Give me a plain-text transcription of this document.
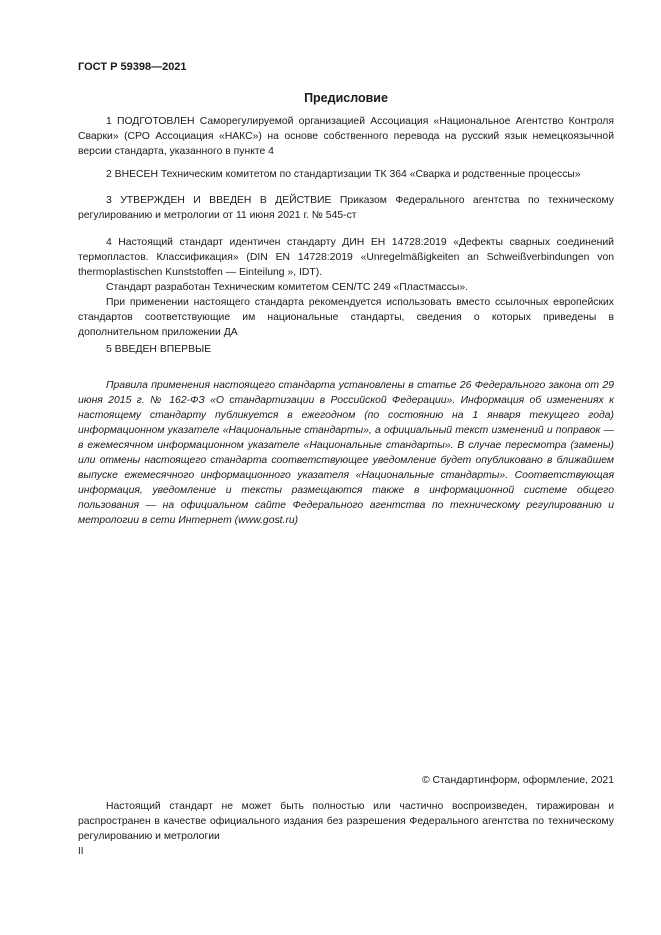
ГОСТ Р 59398—2021
Предисловие

1 ПОДГОТОВЛЕН Саморегулируемой организацией Ассоциация «Национальное Агентство Контроля Сварки» (СРО Ассоциация «НАКС») на основе собственного перевода на русский язык немецкоязычной версии стандарта, указанного в пункте 4

2 ВНЕСЕН Техническим комитетом по стандартизации ТК 364 «Сварка и родственные процессы»

3 УТВЕРЖДЕН И ВВЕДЕН В ДЕЙСТВИЕ Приказом Федерального агентства по техническому регулированию и метрологии от 11 июня 2021 г. № 545-ст

4 Настоящий стандарт идентичен стандарту ДИН ЕН 14728:2019 «Дефекты сварных соединений термопластов. Классификация» (DIN EN 14728:2019 «Unregelmäßigkeiten an Schweißverbindungen von thermoplastischen Kunststoffen — Einteilung », IDT).

Стандарт разработан Техническим комитетом CEN/TC 249 «Пластмассы».

При применении настоящего стандарта рекомендуется использовать вместо ссылочных европейских стандартов соответствующие им национальные стандарты, сведения о которых приведены в дополнительном приложении ДА

5 ВВЕДЕН ВПЕРВЫЕ

Правила применения настоящего стандарта установлены в статье 26 Федерального закона от 29 июня 2015 г. № 162-ФЗ «О стандартизации в Российской Федерации». Информация об изменениях к настоящему стандарту публикуется в ежегодном (по состоянию на 1 января текущего года) информационном указателе «Национальные стандарты», а официальный текст изменений и поправок — в ежемесячном информационном указателе «Национальные стандарты». В случае пересмотра (замены) или отмены настоящего стандарта соответствующее уведомление будет опубликовано в ближайшем выпуске ежемесячного информационного указателя «Национальные стандарты». Соответствующая информация, уведомление и тексты размещаются также в информационной системе общего пользования — на официальном сайте Федерального агентства по техническому регулированию и метрологии в сети Интернет (www.gost.ru)

© Стандартинформ, оформление, 2021

Настоящий стандарт не может быть полностью или частично воспроизведен, тиражирован и распространен в качестве официального издания без разрешения Федерального агентства по техническому регулированию и метрологии

II
